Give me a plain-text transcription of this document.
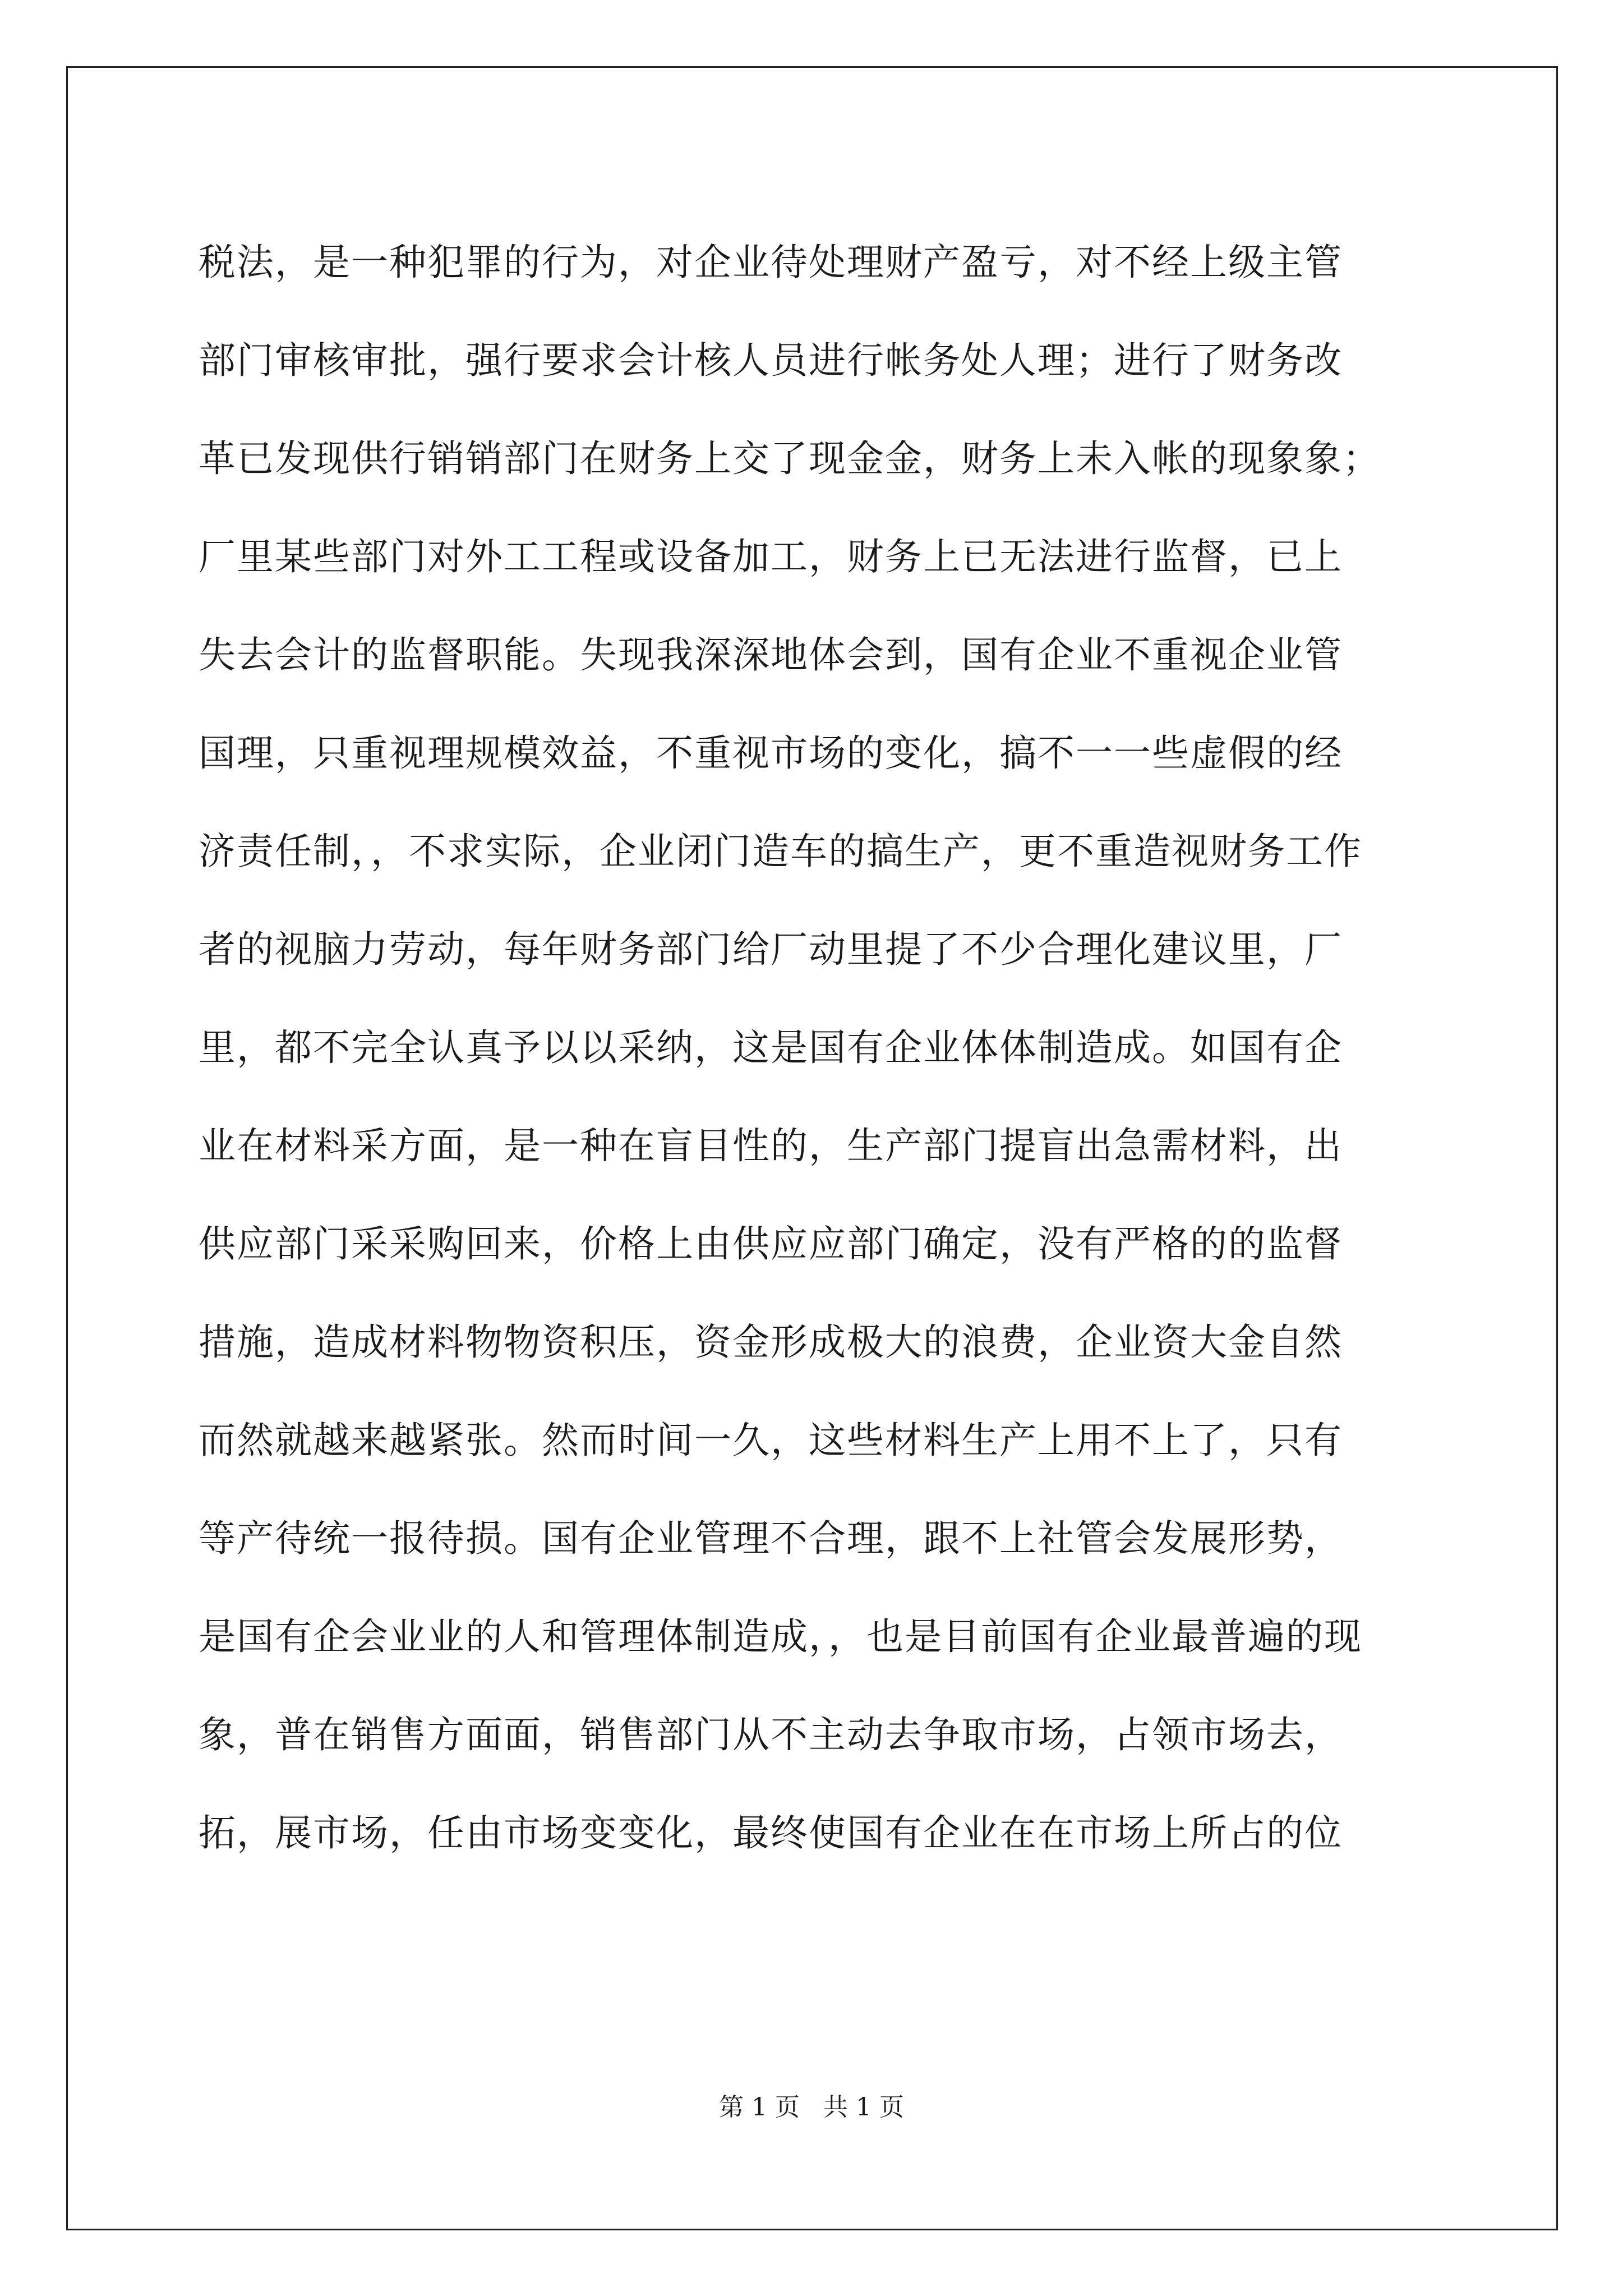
税法，是一种犯罪的行为，对企业待处理财产盈亏，对不经上级主管
部门审核审批，强行要求会计核人员进行帐务处人理；进行了财务改
革已发现供行销销部门在财务上交了现金金，财务上未入帐的现象象；
厂里某些部门对外工工程或设备加工，财务上已无法进行监督，已上
失去会计的监督职能。失现我深深地体会到，国有企业不重视企业管
国理，只重视理规模效益，不重视市场的变化，搞不一一些虚假的经
济责任制，，不求实际，企业闭门造车的搞生产，更不重造视财务工作
者的视脑力劳动，每年财务部门给厂动里提了不少合理化建议里，厂
里，都不完全认真予以以采纳，这是国有企业体体制造成。如国有企
业在材料采方面，是一种在盲目性的，生产部门提盲出急需材料，出
供应部门采采购回来，价格上由供应应部门确定，没有严格的的监督
措施，造成材料物物资积压，资金形成极大的浪费，企业资大金自然
而然就越来越紧张。然而时间一久，这些材料生产上用不上了，只有
等产待统一报待损。国有企业管理不合理，跟不上社管会发展形势，
是国有企会业业的人和管理体制造成，，也是目前国有企业最普遍的现
象，普在销售方面面，销售部门从不主动去争取市场，占领市场去，
拓，展市场，任由市场变变化，最终使国有企业在在市场上所占的位
第 1 页 共 1 页
